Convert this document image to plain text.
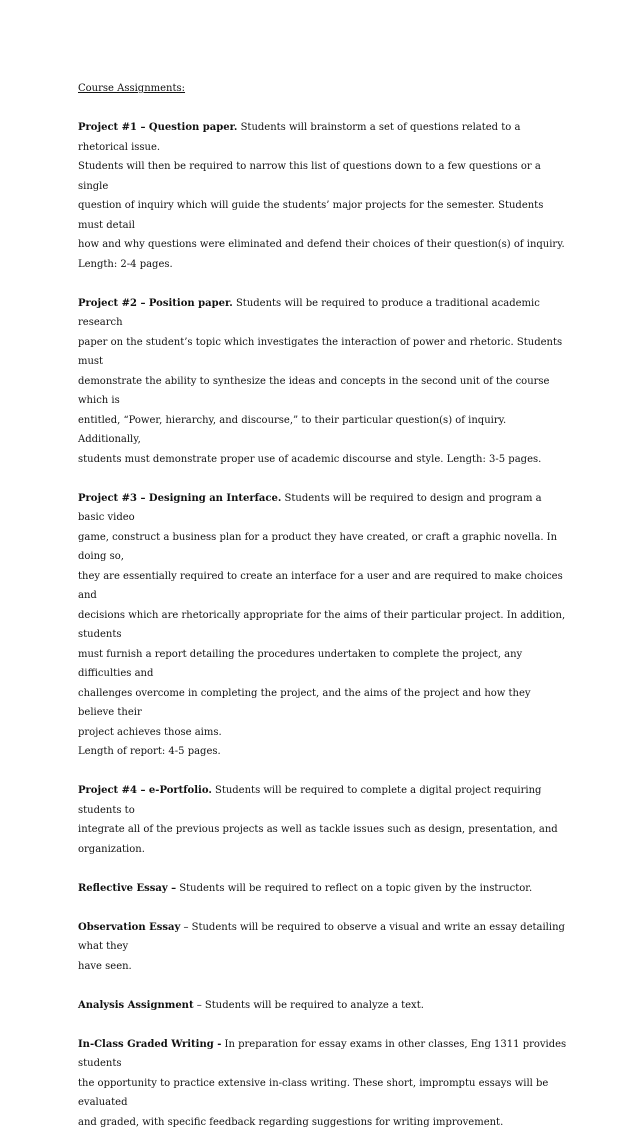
Course Assignments:

Project #1 – Question paper. Students will brainstorm a set of questions related to a rhetorical issue.
Students will then be required to narrow this list of questions down to a few questions or a single
question of inquiry which will guide the students’ major projects for the semester. Students must detail
how and why questions were eliminated and defend their choices of their question(s) of inquiry.
Length: 2-4 pages.

Project #2 – Position paper. Students will be required to produce a traditional academic research
paper on the student’s topic which investigates the interaction of power and rhetoric. Students must
demonstrate the ability to synthesize the ideas and concepts in the second unit of the course which is
entitled, “Power, hierarchy, and discourse,” to their particular question(s) of inquiry. Additionally,
students must demonstrate proper use of academic discourse and style. Length: 3-5 pages.

Project #3 – Designing an Interface. Students will be required to design and program a basic video
game, construct a business plan for a product they have created, or craft a graphic novella. In doing so,
they are essentially required to create an interface for a user and are required to make choices and
decisions which are rhetorically appropriate for the aims of their particular project. In addition, students
must furnish a report detailing the procedures undertaken to complete the project, any difficulties and
challenges overcome in completing the project, and the aims of the project and how they believe their
project achieves those aims.
Length of report: 4-5 pages.

Project #4 – e-Portfolio. Students will be required to complete a digital project requiring students to
integrate all of the previous projects as well as tackle issues such as design, presentation, and
organization.

Reflective Essay – Students will be required to reflect on a topic given by the instructor.

Observation Essay – Students will be required to observe a visual and write an essay detailing what they
have seen.

Analysis Assignment – Students will be required to analyze a text.

In-Class Graded Writing - In preparation for essay exams in other classes, Eng 1311 provides students
the opportunity to practice extensive in-class writing. These short, impromptu essays will be evaluated
and graded, with specific feedback regarding suggestions for writing improvement.
